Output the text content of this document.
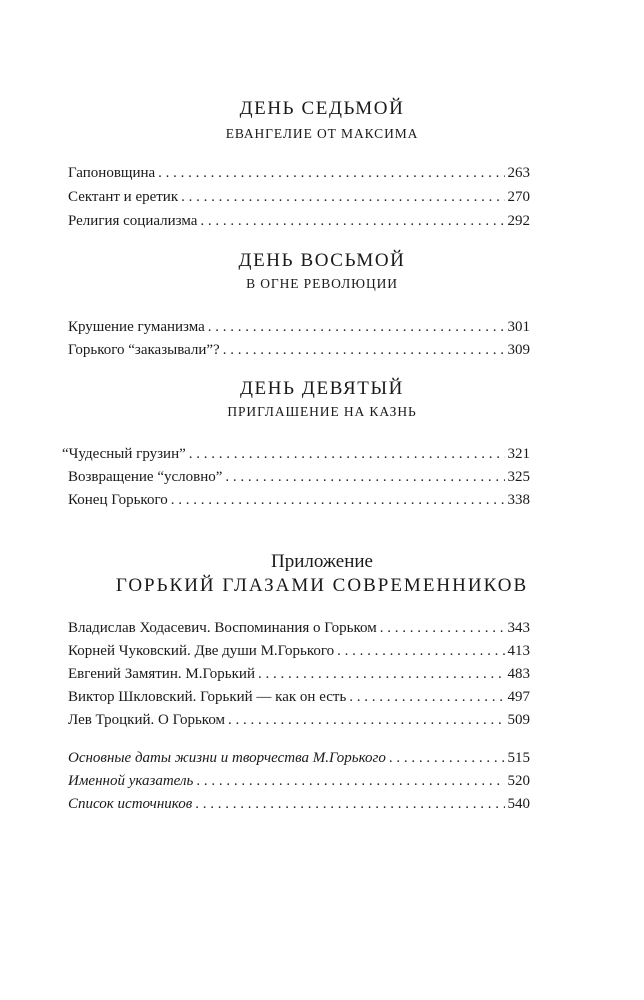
ДЕНЬ СЕДЬМОЙ
ЕВАНГЕЛИЕ ОТ МАКСИМА
Гапоновщина . . .	263
Сектант и еретик . . .	270
Религия социализма . . .	292
ДЕНЬ ВОСЬМОЙ
В ОГНЕ РЕВОЛЮЦИИ
Крушение гуманизма . . .	301
Горького “заказывали”? . . .	309
ДЕНЬ ДЕВЯТЫЙ
ПРИГЛАШЕНИЕ НА КАЗНЬ
“Чудесный грузин” . . .	321
Возвращение “условно” . . .	325
Конец Горького . . .	338
Приложение
ГОРЬКИЙ ГЛАЗАМИ СОВРЕМЕННИКОВ
Владислав Ходасевич. Воспоминания о Горьком . . .	343
Корней Чуковский. Две души М.Горького . . .	413
Евгений Замятин. М.Горький . . .	483
Виктор Шкловский. Горький — как он есть . . .	497
Лев Троцкий. О Горьком . . .	509
Основные даты жизни и творчества М.Горького . . .	515
Именной указатель . . .	520
Список источников . . .	540
